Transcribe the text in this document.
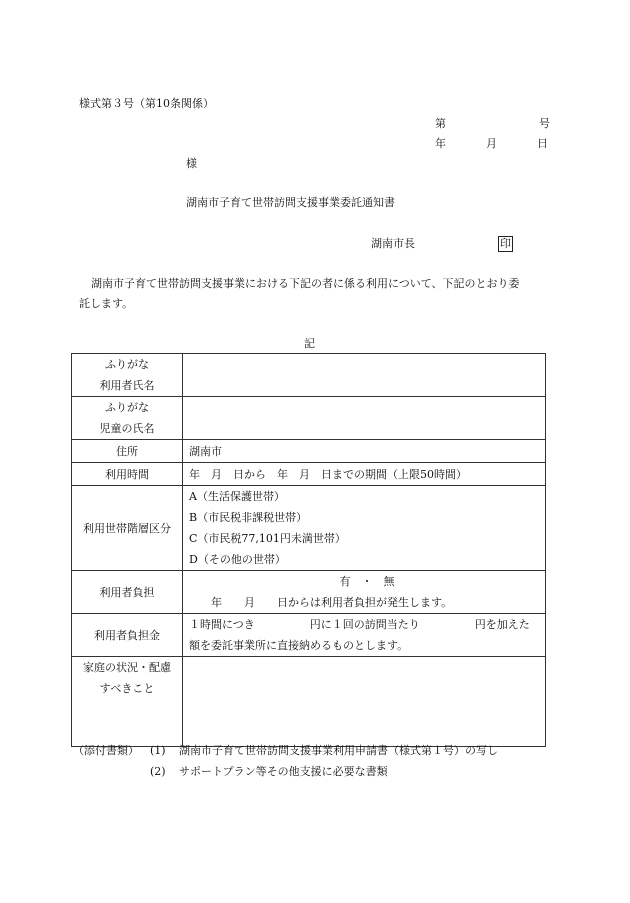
様式第３号（第10条関係）
第	号
年	月	日
様
湖南市子育て世帯訪問支援事業委託通知書
湖南市長	印
湖南市子育て世帯訪問支援事業における下記の者に係る利用について、下記のとおり委
託します。
記
ふりがな
利用者氏名	

ふりがな
児童の氏名	

住所	湖南市
利用時間	年　月　日から　年　月　日までの期間（上限50時間）
利用世帯階層区分	A（生活保護世帯）
B（市民税非課税世帯）
C（市民税77,101円未満世帯）
D（その他の世帯）

利用者負担	有　・　無
年　　月　　日からは利用者負担が発生します。

利用者負担金	１時間につき　　　　　円に１回の訪問当たり　　　　　円を加えた
額を委託事業所に直接納めるものとします。

家庭の状況・配慮
すべきこと	

（添付書類） (1) 湖南市子育て世帯訪問支援事業利用申請書（様式第１号）の写し
(2) サポートプラン等その他支援に必要な書類
